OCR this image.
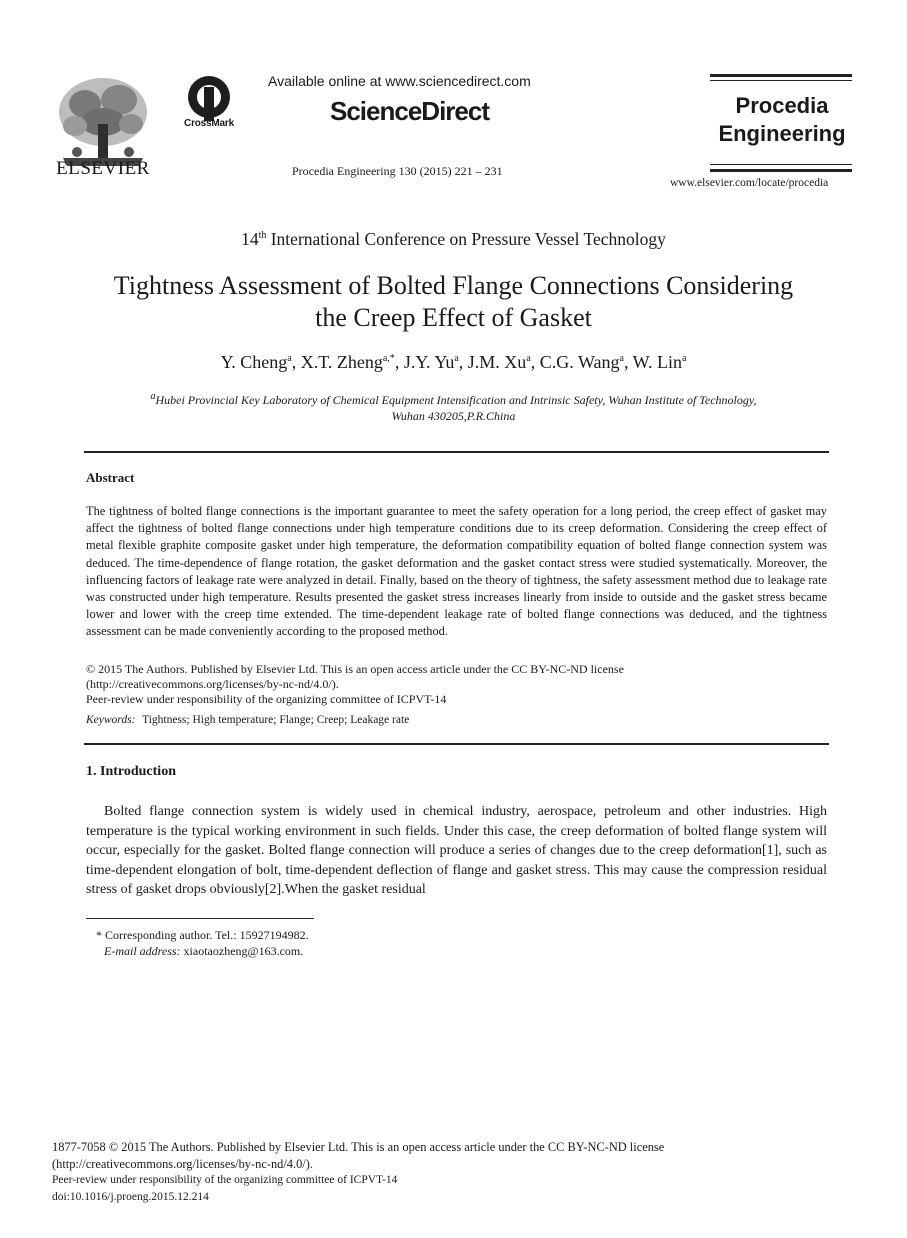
ELSEVIER
CrossMark
Available online at www.sciencedirect.com
ScienceDirect
Procedia Engineering 130 (2015) 221 – 231
Procedia
Engineering
www.elsevier.com/locate/procedia
14th International Conference on Pressure Vessel Technology
Tightness Assessment of Bolted Flange Connections Considering
the Creep Effect of Gasket
Y. Cheng$^a$, X.T. Zheng$^{a,*}$, J.Y. Yu$^a$, J.M. Xu$^a$, C.G. Wang$^a$, W. Lin$^a$
$^a$Hubei Provincial Key Laboratory of Chemical Equipment Intensification and Intrinsic Safety, Wuhan Institute of Technology,
Wuhan 430205,P.R.China
Abstract
The tightness of bolted flange connections is the important guarantee to meet the safety operation for a long period, the creep effect of gasket may affect the tightness of bolted flange connections under high temperature conditions due to its creep deformation. Considering the creep effect of metal flexible graphite composite gasket under high temperature, the deformation compatibility equation of bolted flange connection system was deduced. The time-dependence of flange rotation, the gasket deformation and the gasket contact stress were studied systematically. Moreover, the influencing factors of leakage rate were analyzed in detail. Finally, based on the theory of tightness, the safety assessment method due to leakage rate was constructed under high temperature. Results presented the gasket stress increases linearly from inside to outside and the gasket stress became lower and lower with the creep time extended. The time-dependent leakage rate of bolted flange connections was deduced, and the tightness assessment can be made conveniently according to the proposed method.
© 2015 The Authors. Published by Elsevier Ltd. This is an open access article under the CC BY-NC-ND license
(http://creativecommons.org/licenses/by-nc-nd/4.0/).
Peer-review under responsibility of the organizing committee of ICPVT-14
Keywords: Tightness; High temperature; Flange; Creep; Leakage rate
1. Introduction
Bolted flange connection system is widely used in chemical industry, aerospace, petroleum and other industries. High temperature is the typical working environment in such fields. Under this case, the creep deformation of bolted flange system will occur, especially for the gasket. Bolted flange connection will produce a series of changes due to the creep deformation[1], such as time-dependent elongation of bolt, time-dependent deflection of flange and gasket stress. This may cause the compression residual stress of gasket drops obviously[2].When the gasket residual
* Corresponding author. Tel.: 15927194982.
E-mail address: xiaotaozheng@163.com.
1877-7058 © 2015 The Authors. Published by Elsevier Ltd. This is an open access article under the CC BY-NC-ND license
(http://creativecommons.org/licenses/by-nc-nd/4.0/).
Peer-review under responsibility of the organizing committee of ICPVT-14
doi:10.1016/j.proeng.2015.12.214
